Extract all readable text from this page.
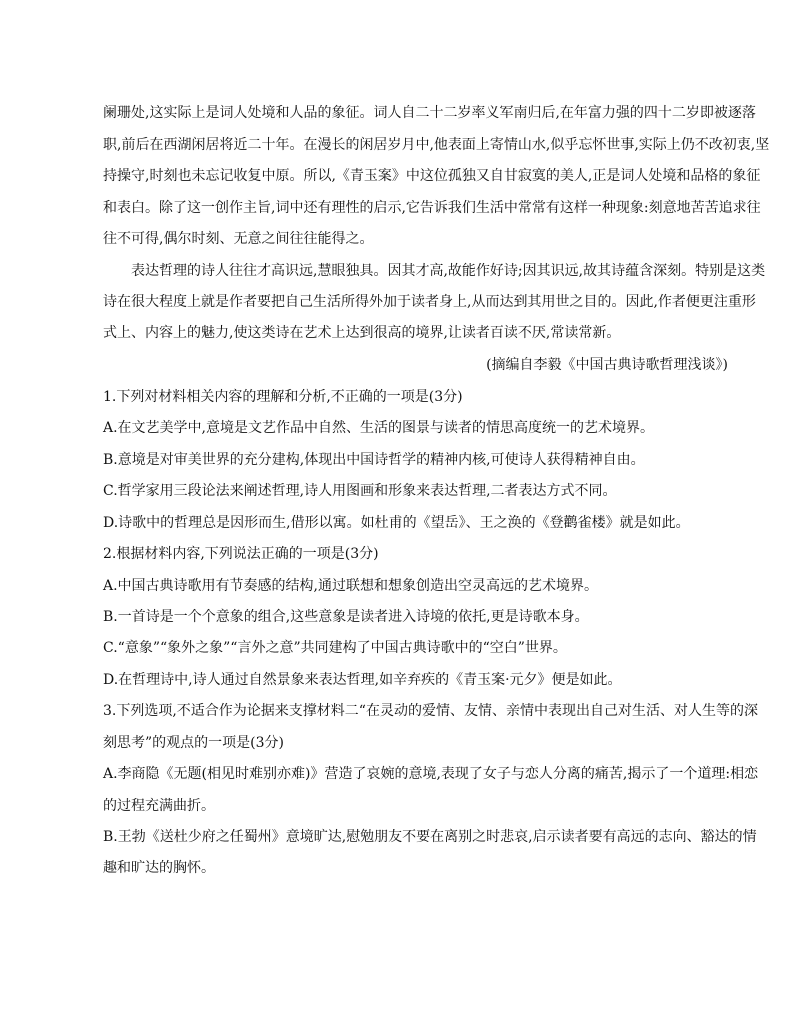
阑珊处,这实际上是词人处境和人品的象征。词人自二十二岁率义军南归后,在年富力强的四十二岁即被逐落
职,前后在西湖闲居将近二十年。在漫长的闲居岁月中,他表面上寄情山水,似乎忘怀世事,实际上仍不改初衷,坚
持操守,时刻也未忘记收复中原。所以,《青玉案》中这位孤独又自甘寂寞的美人,正是词人处境和品格的象征
和表白。除了这一创作主旨,词中还有理性的启示,它告诉我们生活中常常有这样一种现象:刻意地苦苦追求往
往不可得,偶尔时刻、无意之间往往能得之。
表达哲理的诗人往往才高识远,慧眼独具。因其才高,故能作好诗;因其识远,故其诗蕴含深刻。特别是这类
诗在很大程度上就是作者要把自己生活所得外加于读者身上,从而达到其用世之目的。因此,作者便更注重形
式上、内容上的魅力,使这类诗在艺术上达到很高的境界,让读者百读不厌,常读常新。
(摘编自李毅《中国古典诗歌哲理浅谈》)
1.下列对材料相关内容的理解和分析,不正确的一项是(3分)
A.在文艺美学中,意境是文艺作品中自然、生活的图景与读者的情思高度统一的艺术境界。
B.意境是对审美世界的充分建构,体现出中国诗哲学的精神内核,可使诗人获得精神自由。
C.哲学家用三段论法来阐述哲理,诗人用图画和形象来表达哲理,二者表达方式不同。
D.诗歌中的哲理总是因形而生,借形以寓。如杜甫的《望岳》、王之涣的《登鹳雀楼》就是如此。
2.根据材料内容,下列说法正确的一项是(3分)
A.中国古典诗歌用有节奏感的结构,通过联想和想象创造出空灵高远的艺术境界。
B.一首诗是一个个意象的组合,这些意象是读者进入诗境的依托,更是诗歌本身。
C.“意象”“象外之象”“言外之意”共同建构了中国古典诗歌中的“空白”世界。
D.在哲理诗中,诗人通过自然景象来表达哲理,如辛弃疾的《青玉案·元夕》便是如此。
3.下列选项,不适合作为论据来支撑材料二“在灵动的爱情、友情、亲情中表现出自己对生活、对人生等的深
刻思考”的观点的一项是(3分)
A.李商隐《无题(相见时难别亦难)》营造了哀婉的意境,表现了女子与恋人分离的痛苦,揭示了一个道理:相恋
的过程充满曲折。
B.王勃《送杜少府之任蜀州》意境旷达,慰勉朋友不要在离别之时悲哀,启示读者要有高远的志向、豁达的情
趣和旷达的胸怀。
